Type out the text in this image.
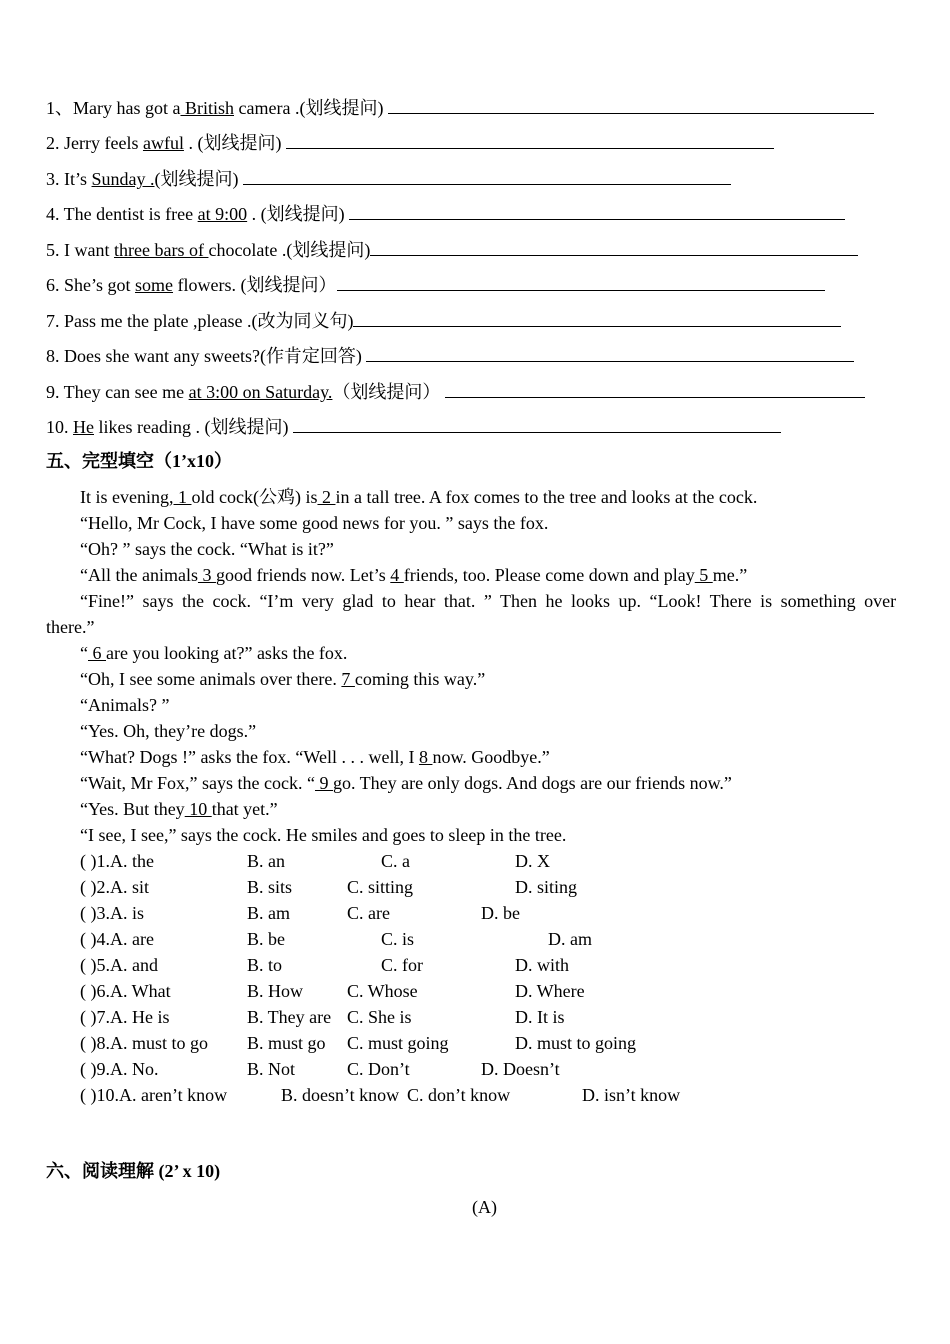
1、Mary has got a British camera .(划线提问)
2. Jerry feels awful . (划线提问)
3. It’s Sunday .(划线提问)
4. The dentist is free at 9:00 . (划线提问)
5. I want three bars of chocolate .(划线提问)
6. She’s got some flowers. (划线提问）
7. Pass me the plate ,please .(改为同义句)
8. Does she want any sweets?(作肯定回答)
9. They can see me at 3:00 on Saturday.（划线提问）
10. He likes reading . (划线提问)
五、完型填空（1’x10）
It is evening, 1 old cock(公鸡) is 2 in a tall tree. A fox comes to the tree and looks at the cock.
“Hello, Mr Cock, I have some good news for you. ” says the fox.
“Oh? ” says the cock. “What is it?”
“All the animals 3 good friends now. Let’s 4 friends, too. Please come down and play 5 me.”
“Fine!” says the cock. “I’m very glad to hear that. ” Then he looks up. “Look! There is something over
there.”
“ 6 are you looking at?” asks the fox.
“Oh, I see some animals over there. 7 coming this way.”
“Animals? ”
“Yes. Oh, they’re dogs.”
“What? Dogs !” asks the fox. “Well . . . well, I 8 now. Goodbye.”
“Wait, Mr Fox,” says the cock. “ 9 go. They are only dogs. And dogs are our friends now.”
“Yes. But they 10 that yet.”
“I see, I see,” says the cock. He smiles and goes to sleep in the tree.
( )1.A. the	B. an	C. a	D. X
( )2.A. sit	B. sits	C. sitting	D. siting
( )3.A. is	B. am	C. are	D. be
( )4.A. are	B. be	C. is	D. am
( )5.A. and	B. to	C. for	D. with
( )6.A. What	B. How C. Whose	D. Where
( )7.A. He is	B. They are C. She is	D. It is
( )8.A. must to go B. must go C. must going	D. must to going
( )9.A. No.	B. Not	C. Don’t	D. Doesn’t
( )10.A. aren’t know	B. doesn’t know C. don’t know	D. isn’t know
六、阅读理解 (2’ x 10)
(A)
